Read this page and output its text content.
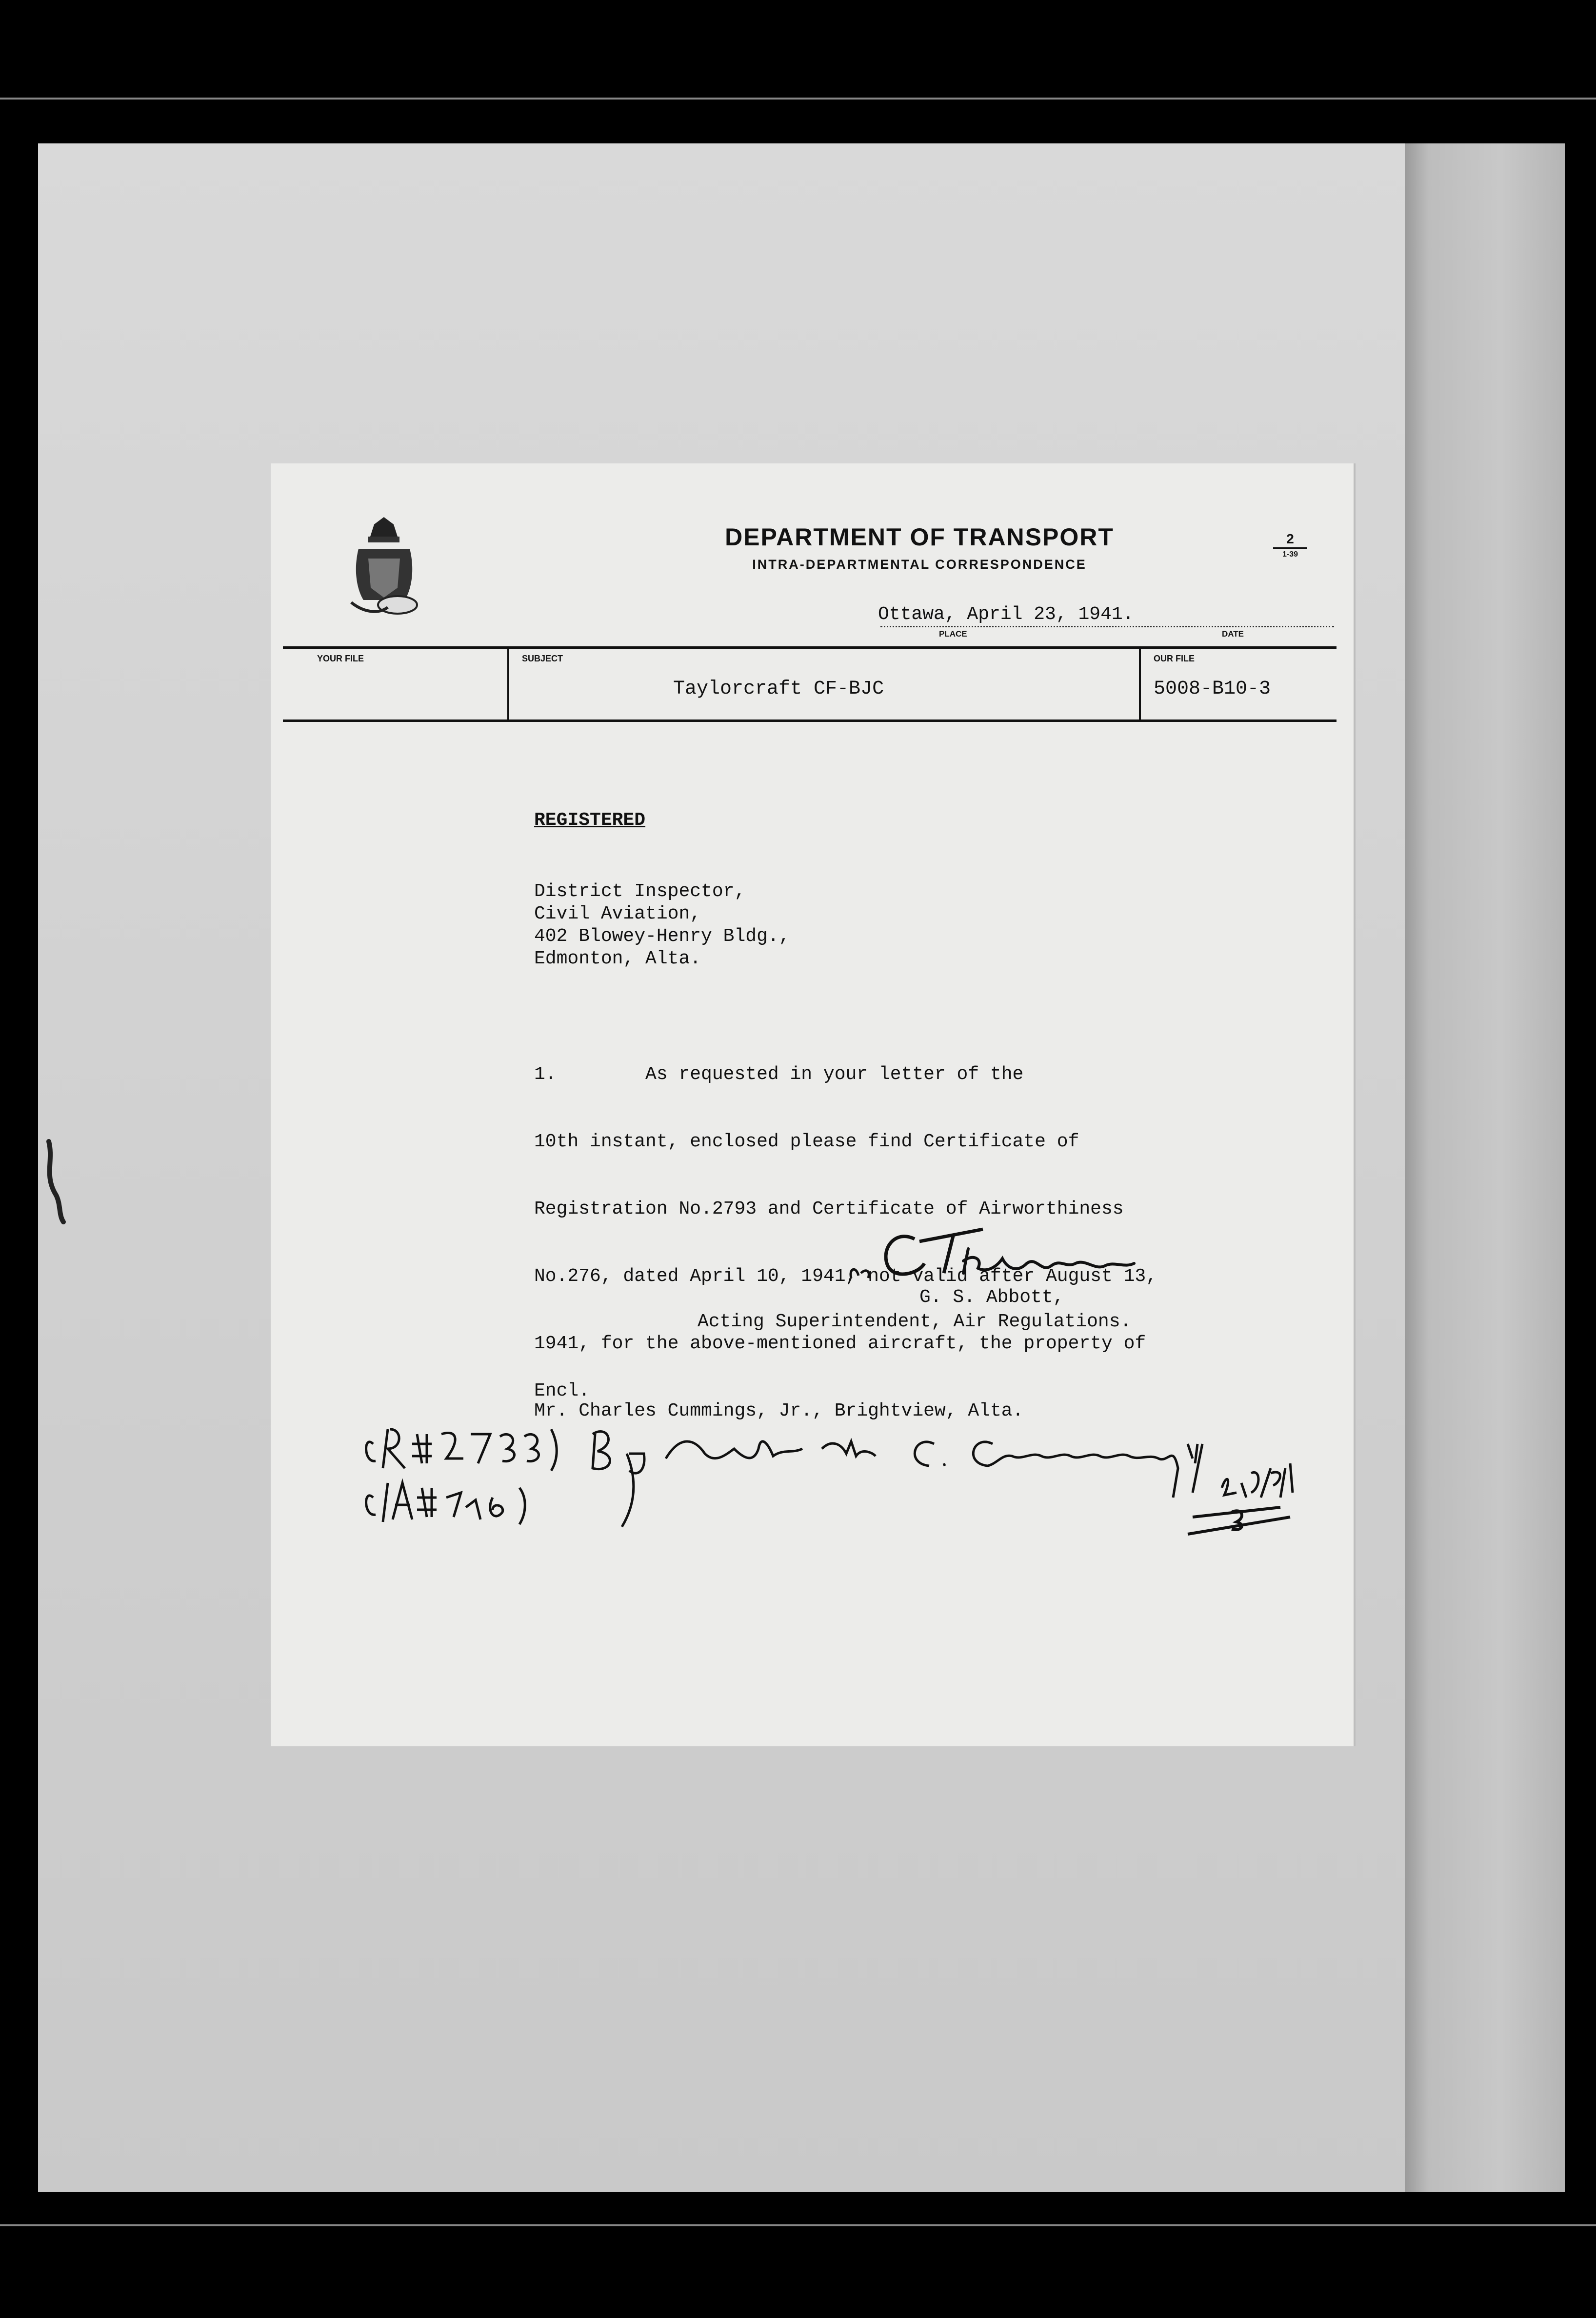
DEPARTMENT OF TRANSPORT
INTRA-DEPARTMENTAL CORRESPONDENCE
2
1-39
Ottawa, April 23, 1941.
PLACE	DATE
YOUR FILE	SUBJECT
Taylorcraft CF-BJC
OUR FILE
5008-B10-3
REGISTERED
District Inspector,
Civil Aviation,
402 Blowey-Henry Bldg.,
Edmonton, Alta.

1.        As requested in your letter of the

10th instant, enclosed please find Certificate of

Registration No.2793 and Certificate of Airworthiness

No.276, dated April 10, 1941, not valid after August 13,

1941, for the above-mentioned aircraft, the property of

Mr. Charles Cummings, Jr., Brightview, Alta.

G. S. Abbott,
Acting Superintendent, Air Regulations.
Encl.
